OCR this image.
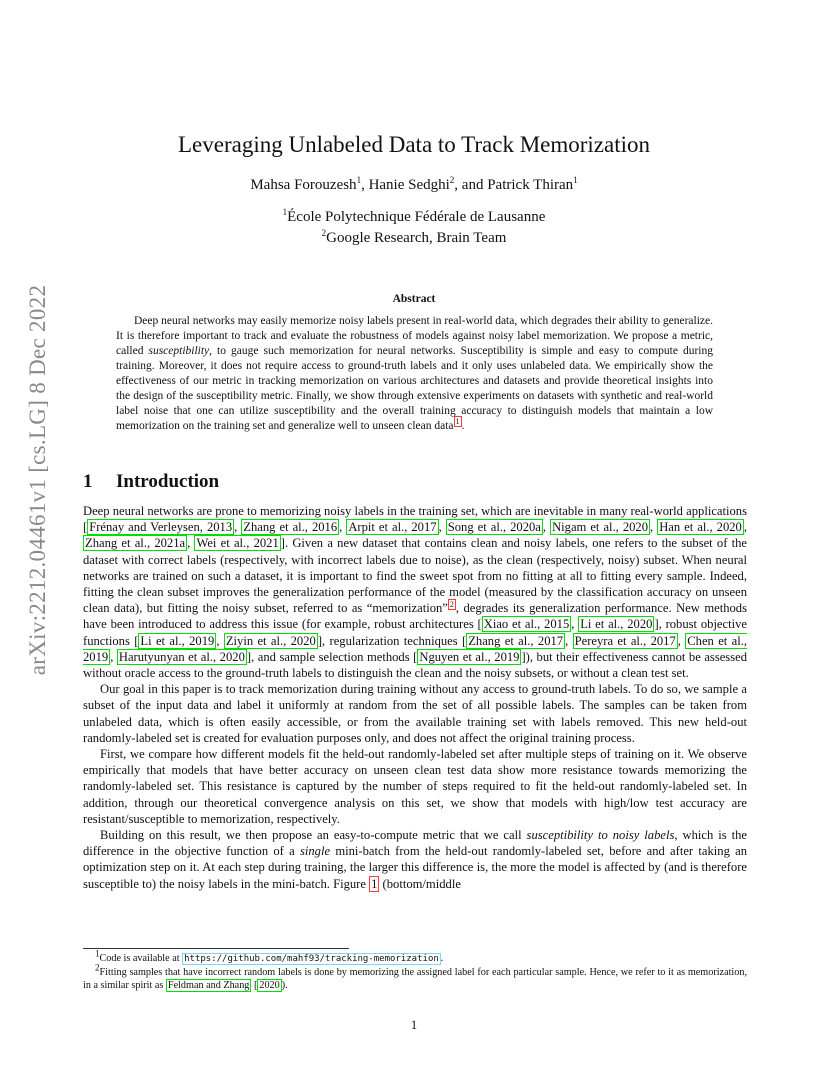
arXiv:2212.04461v1 [cs.LG] 8 Dec 2022
Leveraging Unlabeled Data to Track Memorization
Mahsa Forouzesh$^1$, Hanie Sedghi$^2$, and Patrick Thiran$^1$
$^1$École Polytechnique Fédérale de Lausanne
$^2$Google Research, Brain Team
Abstract

Deep neural networks may easily memorize noisy labels present in real-world data, which degrades their ability to generalize. It is therefore important to track and evaluate the robustness of models against noisy label memorization. We propose a metric, called susceptibility, to gauge such memorization for neural networks. Susceptibility is simple and easy to compute during training. Moreover, it does not require access to ground-truth labels and it only uses unlabeled data. We empirically show the effectiveness of our metric in tracking memorization on various architectures and datasets and provide theoretical insights into the design of the susceptibility metric. Finally, we show through extensive experiments on datasets with synthetic and real-world label noise that one can utilize susceptibility and the overall training accuracy to distinguish models that maintain a low memorization on the training set and generalize well to unseen clean data $^1$ .

1 Introduction

Deep neural networks are prone to memorizing noisy labels in the training set, which are inevitable in many real-world applications [ Frénay and Verleysen, 2013 , Zhang et al., 2016 , Arpit et al., 2017 , Song et al., 2020a , Nigam et al., 2020 , Han et al., 2020 , Zhang et al., 2021a , Wei et al., 2021 ]. Given a new dataset that contains clean and noisy labels, one refers to the subset of the dataset with correct labels (respectively, with incorrect labels due to noise), as the clean (respectively, noisy) subset. When neural networks are trained on such a dataset, it is important to find the sweet spot from no fitting at all to fitting every sample. Indeed, fitting the clean subset improves the generalization performance of the model (measured by the classification accuracy on unseen clean data), but fitting the noisy subset, referred to as “memorization” $^2$ , degrades its generalization performance. New methods have been introduced to address this issue (for example, robust architectures [ Xiao et al., 2015 , Li et al., 2020 ], robust objective functions [ Li et al., 2019 , Ziyin et al., 2020 ], regularization techniques [ Zhang et al., 2017 , Pereyra et al., 2017 , Chen et al., 2019 , Harutyunyan et al., 2020 ], and sample selection methods [ Nguyen et al., 2019 ]), but their effectiveness cannot be assessed without oracle access to the ground-truth labels to distinguish the clean and the noisy subsets, or without a clean test set.

Our goal in this paper is to track memorization during training without any access to ground-truth labels. To do so, we sample a subset of the input data and label it uniformly at random from the set of all possible labels. The samples can be taken from unlabeled data, which is often easily accessible, or from the available training set with labels removed. This new held-out randomly-labeled set is created for evaluation purposes only, and does not affect the original training process.

First, we compare how different models fit the held-out randomly-labeled set after multiple steps of training on it. We observe empirically that models that have better accuracy on unseen clean test data show more resistance towards memorizing the randomly-labeled set. This resistance is captured by the number of steps required to fit the held-out randomly-labeled set. In addition, through our theoretical convergence analysis on this set, we show that models with high/low test accuracy are resistant/susceptible to memorization, respectively.

Building on this result, we then propose an easy-to-compute metric that we call susceptibility to noisy labels, which is the difference in the objective function of a single mini-batch from the held-out randomly-labeled set, before and after taking an optimization step on it. At each step during training, the larger this difference is, the more the model is affected by (and is therefore susceptible to) the noisy labels in the mini-batch. Figure 1 (bottom/middle

$^1$Code is available at https://github.com/mahf93/tracking-memorization .

$^2$Fitting samples that have incorrect random labels is done by memorizing the assigned label for each particular sample. Hence, we refer to it as memorization, in a similar spirit as Feldman and Zhang [ 2020 ).

1
